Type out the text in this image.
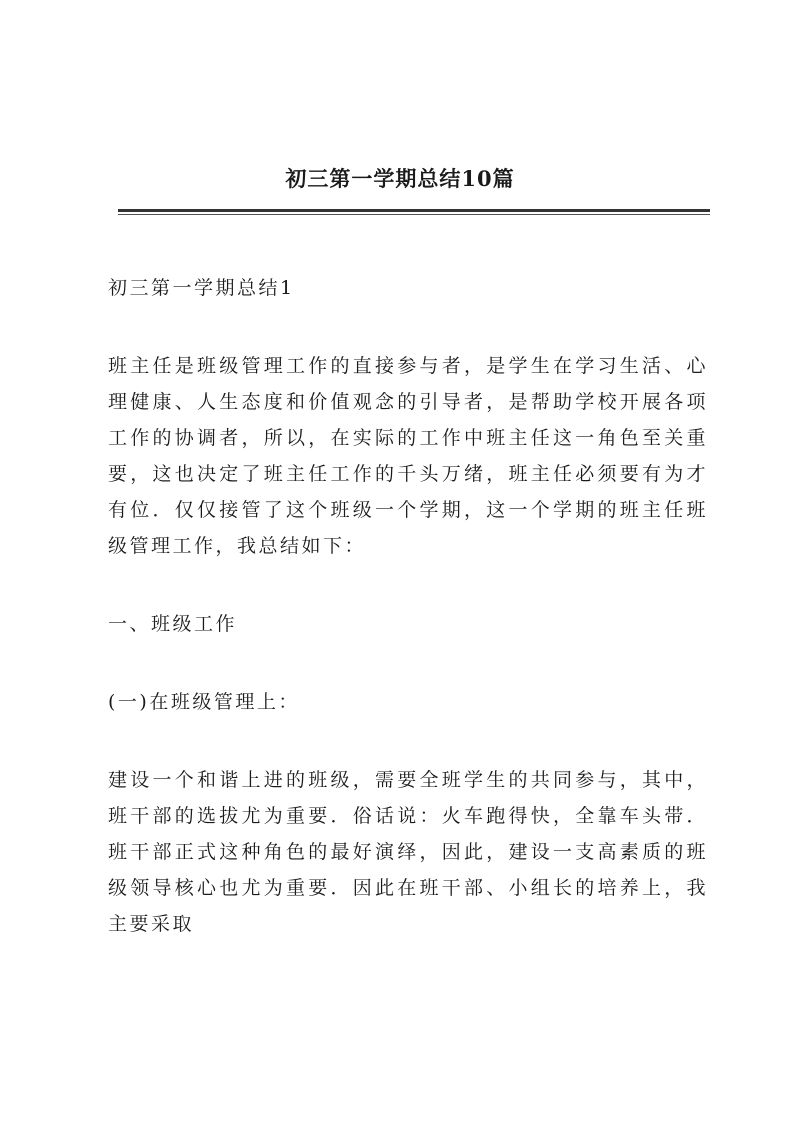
初三第一学期总结10篇

初三第一学期总结1

班主任是班级管理工作的直接参与者，是学生在学习生活、心理健康、人生态度和价值观念的引导者，是帮助学校开展各项工作的协调者，所以，在实际的工作中班主任这一角色至关重要，这也决定了班主任工作的千头万绪，班主任必须要有为才有位．仅仅接管了这个班级一个学期，这一个学期的班主任班级管理工作，我总结如下：

一、班级工作

(一)在班级管理上：

建设一个和谐上进的班级，需要全班学生的共同参与，其中，班干部的选拔尤为重要．俗话说：火车跑得快，全靠车头带．班干部正式这种角色的最好演绎，因此，建设一支高素质的班级领导核心也尤为重要．因此在班干部、小组长的培养上，我主要采取
